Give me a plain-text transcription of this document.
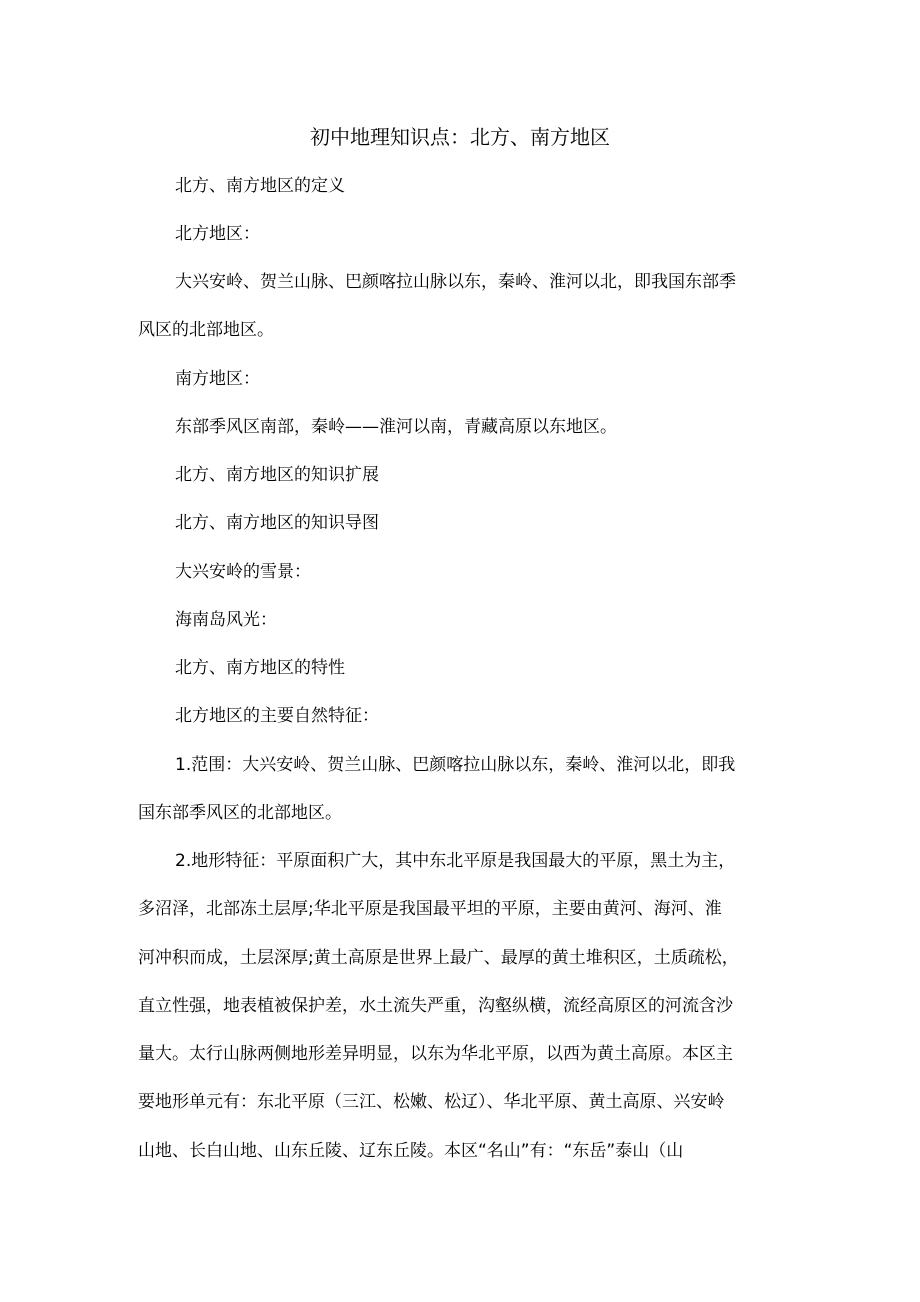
初中地理知识点：北方、南方地区
北方、南方地区的定义
北方地区：
大兴安岭、贺兰山脉、巴颜喀拉山脉以东，秦岭、淮河以北，即我国东部季
风区的北部地区。
南方地区：
东部季风区南部，秦岭——淮河以南，青藏高原以东地区。
北方、南方地区的知识扩展
北方、南方地区的知识导图
大兴安岭的雪景：
海南岛风光：
北方、南方地区的特性
北方地区的主要自然特征：
1.范围：大兴安岭、贺兰山脉、巴颜喀拉山脉以东，秦岭、淮河以北，即我
国东部季风区的北部地区。
2.地形特征：平原面积广大，其中东北平原是我国最大的平原，黑土为主，
多沼泽，北部冻土层厚;华北平原是我国最平坦的平原，主要由黄河、海河、淮
河冲积而成，土层深厚;黄土高原是世界上最广、最厚的黄土堆积区，土质疏松，
直立性强，地表植被保护差，水土流失严重，沟壑纵横，流经高原区的河流含沙
量大。太行山脉两侧地形差异明显，以东为华北平原，以西为黄土高原。本区主
要地形单元有：东北平原（三江、松嫩、松辽）、华北平原、黄土高原、兴安岭
山地、长白山地、山东丘陵、辽东丘陵。本区“名山”有：“东岳”泰山（山
